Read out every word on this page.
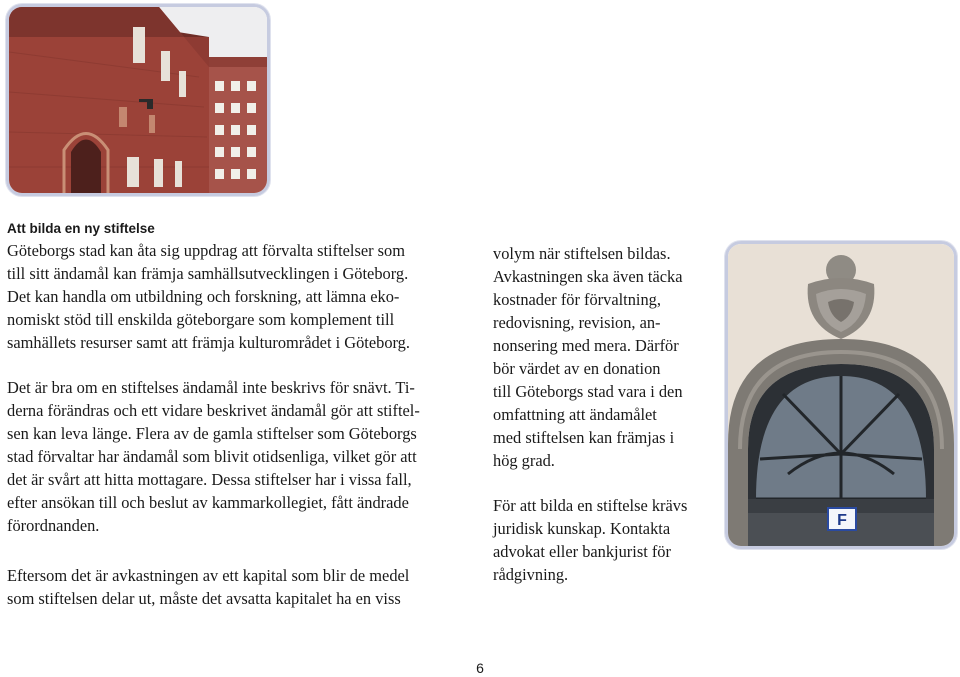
F
Att bilda en ny stiftelse

Göteborgs stad kan åta sig uppdrag att förvalta stiftelser som
till sitt ändamål kan främja samhällsutvecklingen i Göteborg.
Det kan handla om utbildning och forskning, att lämna eko-
nomiskt stöd till enskilda göteborgare som komplement till
samhällets resurser samt att främja kulturområdet i Göteborg.

Det är bra om en stiftelses ändamål inte beskrivs för snävt. Ti-
derna förändras och ett vidare beskrivet ändamål gör att stiftel-
sen kan leva länge. Flera av de gamla stiftelser som Göteborgs
stad förvaltar har ändamål som blivit otidsenliga, vilket gör att
det är svårt att hitta mottagare. Dessa stiftelser har i vissa fall,
efter ansökan till och beslut av kammarkollegiet, fått ändrade
förordnanden.

Eftersom det är avkastningen av ett kapital som blir de medel
som stiftelsen delar ut, måste det avsatta kapitalet ha en viss

volym när stiftelsen bildas.
Avkastningen ska även täcka
kostnader för förvaltning,
redovisning, revision, an-
nonsering med mera. Därför
bör värdet av en donation
till Göteborgs stad vara i den
omfattning att ändamålet
med stiftelsen kan främjas i
hög grad.

För att bilda en stiftelse krävs
juridisk kunskap. Kontakta
advokat eller bankjurist för
rådgivning.

6
